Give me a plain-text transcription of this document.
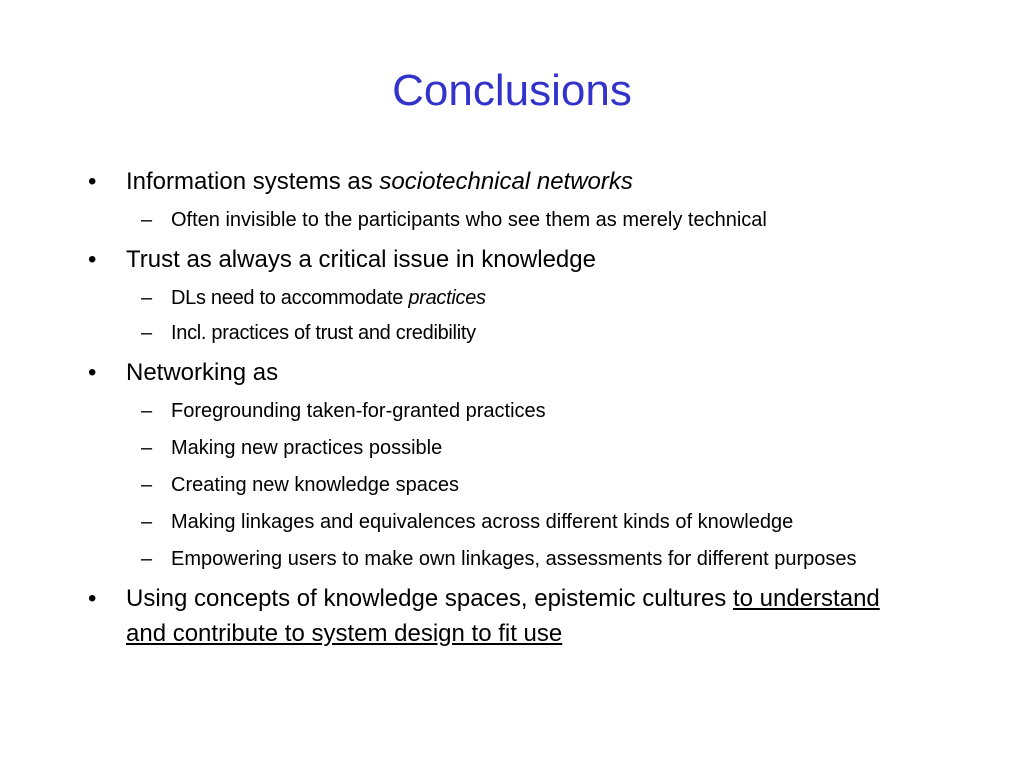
Conclusions
• Information systems as sociotechnical networks
– Often invisible to the participants who see them as merely technical
• Trust as always a critical issue in knowledge
– DLs need to accommodate practices
– Incl. practices of trust and credibility
• Networking as
– Foregrounding taken-for-granted practices
– Making new practices possible
– Creating new knowledge spaces
– Making linkages and equivalences across different kinds of knowledge
– Empowering users to make own linkages, assessments for different purposes
• Using concepts of knowledge spaces, epistemic cultures to understand and contribute to system design to fit use
